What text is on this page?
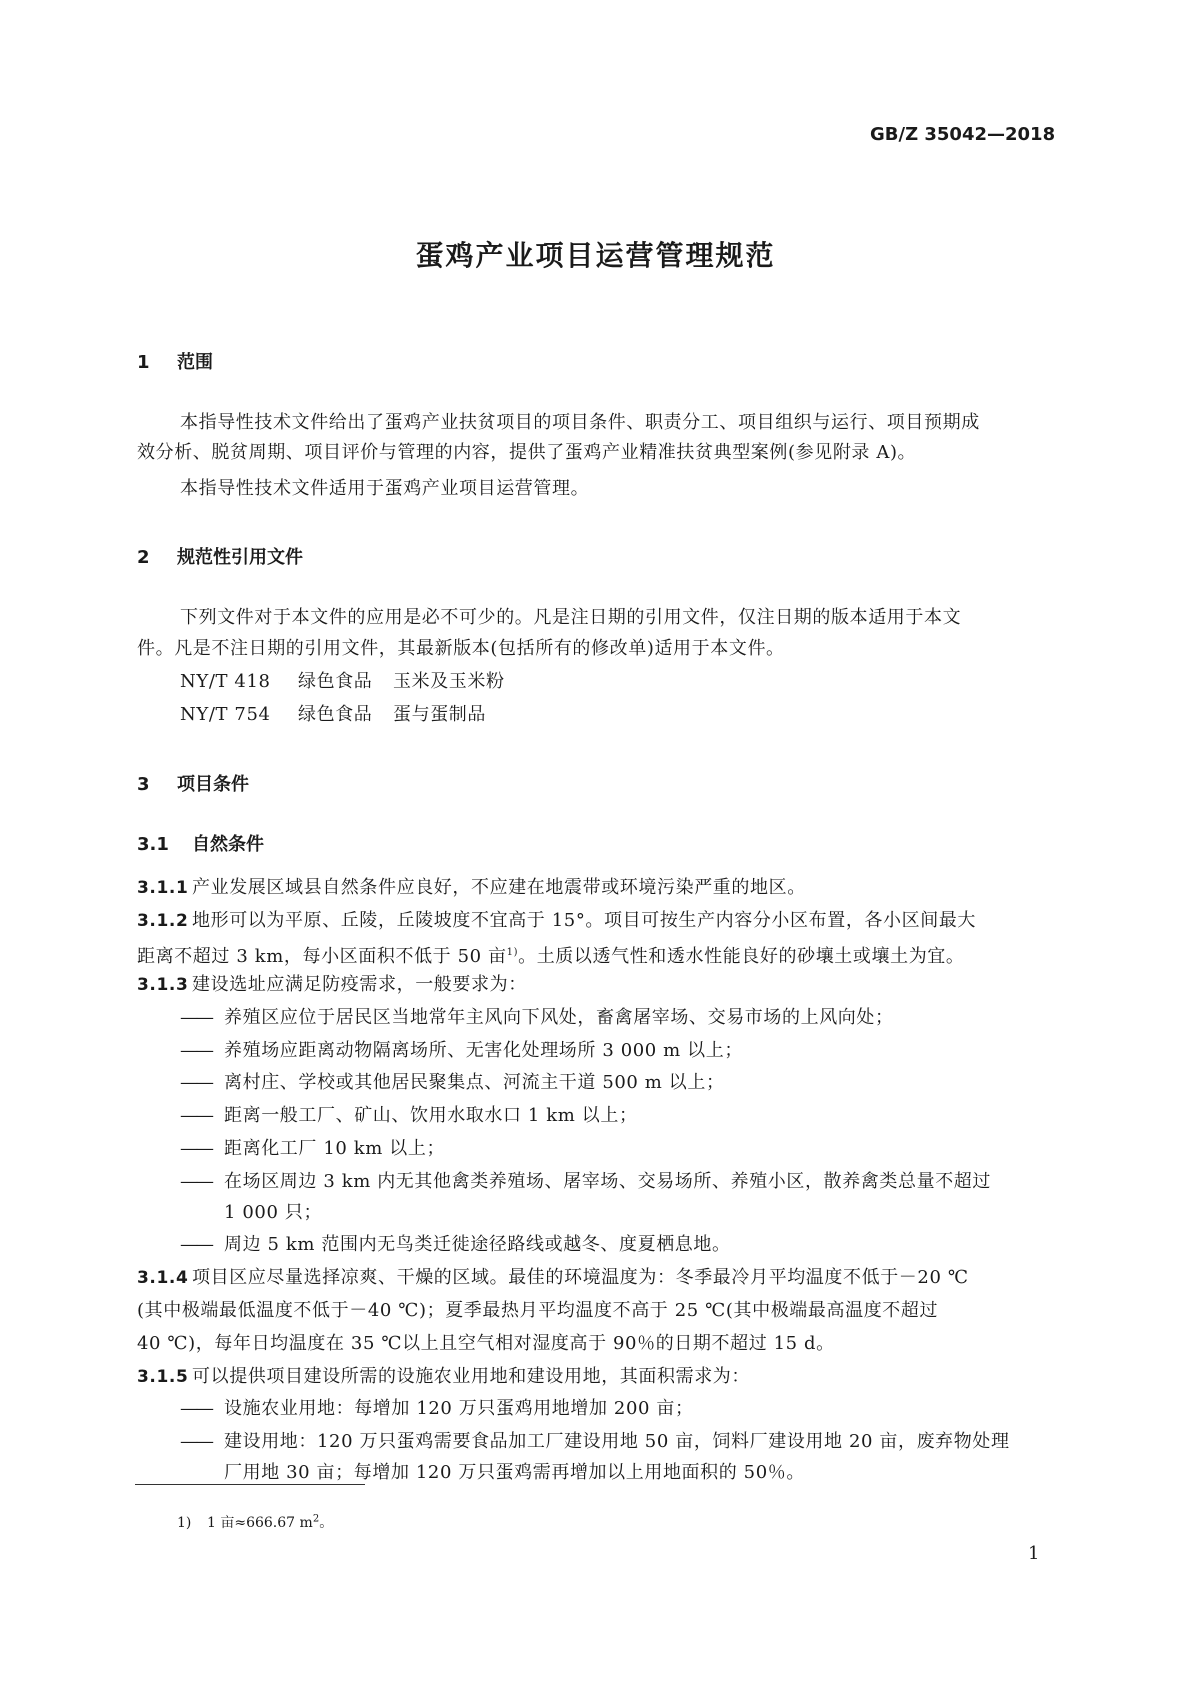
GB/Z 35042—2018
蛋鸡产业项目运营管理规范
1 范围
本指导性技术文件给出了蛋鸡产业扶贫项目的项目条件、职责分工、项目组织与运行、项目预期成
效分析、脱贫周期、项目评价与管理的内容，提供了蛋鸡产业精准扶贫典型案例(参见附录 A)。
本指导性技术文件适用于蛋鸡产业项目运营管理。
2 规范性引用文件
下列文件对于本文件的应用是必不可少的。凡是注日期的引用文件，仅注日期的版本适用于本文
件。凡是不注日期的引用文件，其最新版本(包括所有的修改单)适用于本文件。
NY/T 418 绿色食品 玉米及玉米粉
NY/T 754 绿色食品 蛋与蛋制品
3 项目条件
3.1 自然条件
3.1.1 产业发展区域县自然条件应良好，不应建在地震带或环境污染严重的地区。
3.1.2 地形可以为平原、丘陵，丘陵坡度不宜高于 15°。项目可按生产内容分小区布置，各小区间最大
距离不超过 3 km，每小区面积不低于 50 亩$^{1)}$。土质以透气性和透水性能良好的砂壤土或壤土为宜。
3.1.3 建设选址应满足防疫需求，一般要求为：
—— 养殖区应位于居民区当地常年主风向下风处，畜禽屠宰场、交易市场的上风向处；
—— 养殖场应距离动物隔离场所、无害化处理场所 3 000 m 以上；
—— 离村庄、学校或其他居民聚集点、河流主干道 500 m 以上；
—— 距离一般工厂、矿山、饮用水取水口 1 km 以上；
—— 距离化工厂 10 km 以上；
—— 在场区周边 3 km 内无其他禽类养殖场、屠宰场、交易场所、养殖小区，散养禽类总量不超过
1 000 只；
—— 周边 5 km 范围内无鸟类迁徙途径路线或越冬、度夏栖息地。
3.1.4 项目区应尽量选择凉爽、干燥的区域。最佳的环境温度为：冬季最冷月平均温度不低于－20 ℃
(其中极端最低温度不低于－40 ℃)；夏季最热月平均温度不高于 25 ℃(其中极端最高温度不超过
40 ℃)，每年日均温度在 35 ℃以上且空气相对湿度高于 90％的日期不超过 15 d。
3.1.5 可以提供项目建设所需的设施农业用地和建设用地，其面积需求为：
—— 设施农业用地：每增加 120 万只蛋鸡用地增加 200 亩；
—— 建设用地：120 万只蛋鸡需要食品加工厂建设用地 50 亩，饲料厂建设用地 20 亩，废弃物处理
厂用地 30 亩；每增加 120 万只蛋鸡需再增加以上用地面积的 50％。
1) 1 亩≈666.67 $m^2$。
1
